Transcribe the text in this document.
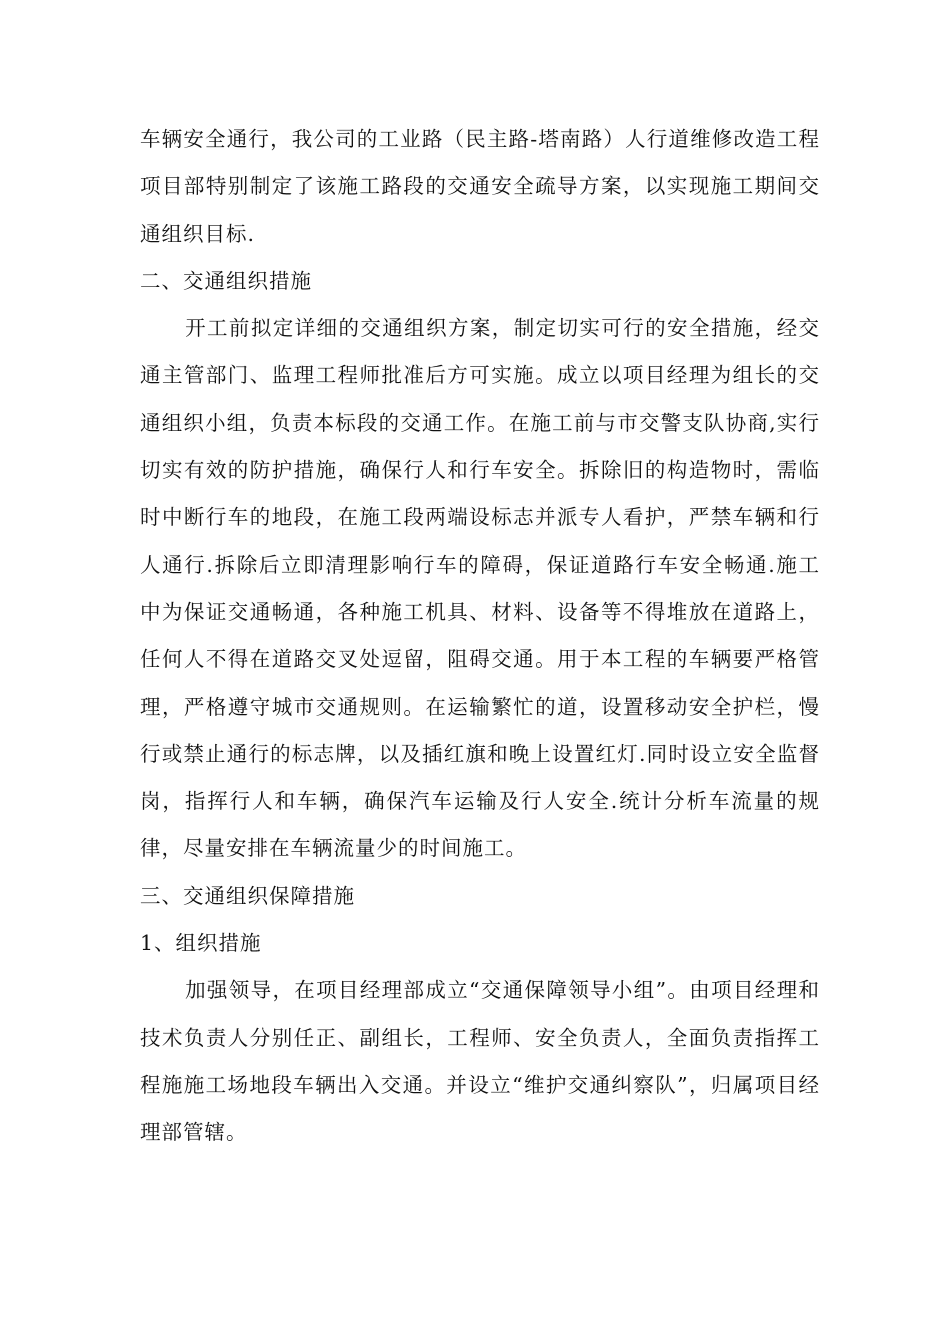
车辆安全通行，我公司的工业路（民主路-塔南路）人行道维修改造工程项目部特别制定了该施工路段的交通安全疏导方案，以实现施工期间交通组织目标.

二、交通组织措施

开工前拟定详细的交通组织方案，制定切实可行的安全措施，经交通主管部门、监理工程师批准后方可实施。成立以项目经理为组长的交通组织小组，负责本标段的交通工作。在施工前与市交警支队协商,实行切实有效的防护措施，确保行人和行车安全。拆除旧的构造物时，需临时中断行车的地段，在施工段两端设标志并派专人看护，严禁车辆和行人通行.拆除后立即清理影响行车的障碍，保证道路行车安全畅通.施工中为保证交通畅通，各种施工机具、材料、设备等不得堆放在道路上，任何人不得在道路交叉处逗留，阻碍交通。用于本工程的车辆要严格管理，严格遵守城市交通规则。在运输繁忙的道，设置移动安全护栏，慢行或禁止通行的标志牌，以及插红旗和晚上设置红灯.同时设立安全监督岗，指挥行人和车辆，确保汽车运输及行人安全.统计分析车流量的规律，尽量安排在车辆流量少的时间施工。

三、交通组织保障措施

1、组织措施

加强领导，在项目经理部成立“交通保障领导小组”。由项目经理和技术负责人分别任正、副组长，工程师、安全负责人，全面负责指挥工程施施工场地段车辆出入交通。并设立“维护交通纠察队”，归属项目经理部管辖。
